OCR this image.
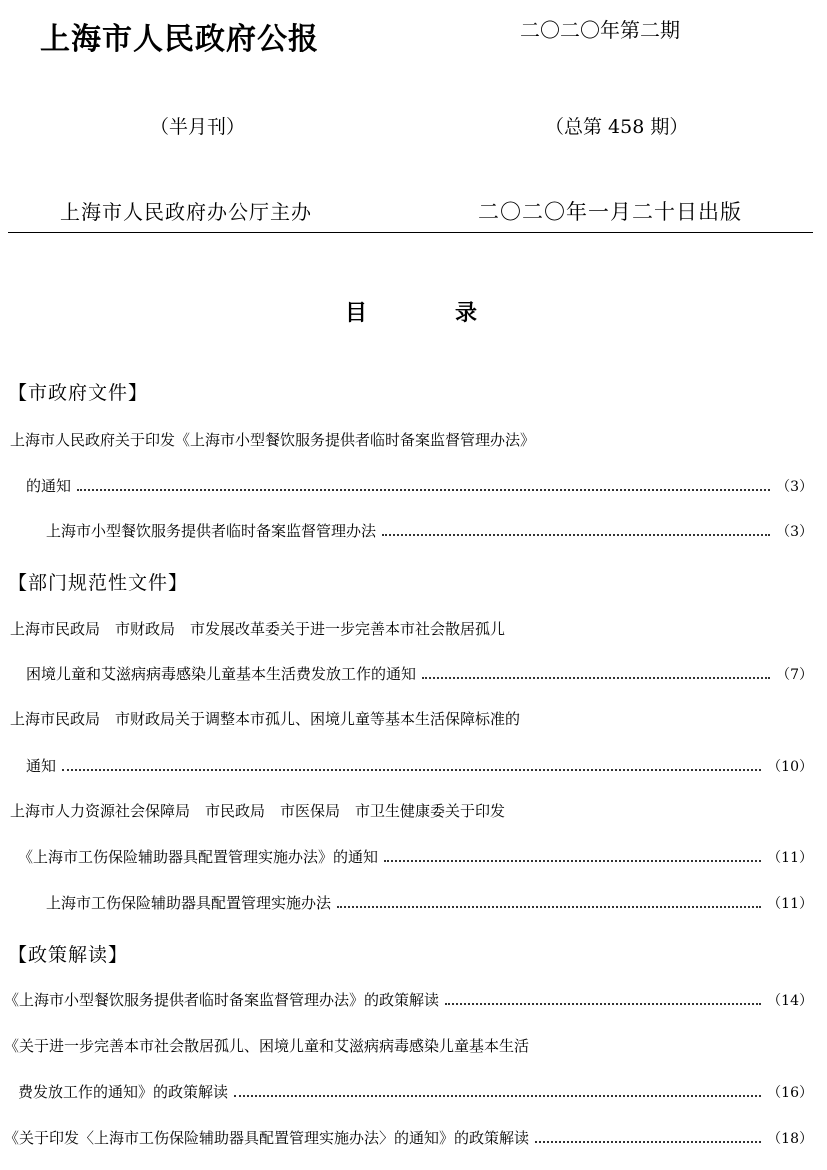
上海市人民政府公报	二〇二〇年第二期
（半月刊）	（总第 458 期）
上海市人民政府办公厅主办	二〇二〇年一月二十日出版
目	录
【市政府文件】
上海市人民政府关于印发《上海市小型餐饮服务提供者临时备案监督管理办法》
的通知	（3）
上海市小型餐饮服务提供者临时备案监督管理办法	（3）
【部门规范性文件】
上海市民政局　市财政局　市发展改革委关于进一步完善本市社会散居孤儿
困境儿童和艾滋病病毒感染儿童基本生活费发放工作的通知	（7）
上海市民政局　市财政局关于调整本市孤儿、困境儿童等基本生活保障标准的
通知	（10）
上海市人力资源社会保障局　市民政局　市医保局　市卫生健康委关于印发
《上海市工伤保险辅助器具配置管理实施办法》的通知	（11）
上海市工伤保险辅助器具配置管理实施办法	（11）
【政策解读】
《上海市小型餐饮服务提供者临时备案监督管理办法》的政策解读	（14）
《关于进一步完善本市社会散居孤儿、困境儿童和艾滋病病毒感染儿童基本生活
费发放工作的通知》的政策解读	（16）
《关于印发〈上海市工伤保险辅助器具配置管理实施办法〉的通知》的政策解读	（18）
